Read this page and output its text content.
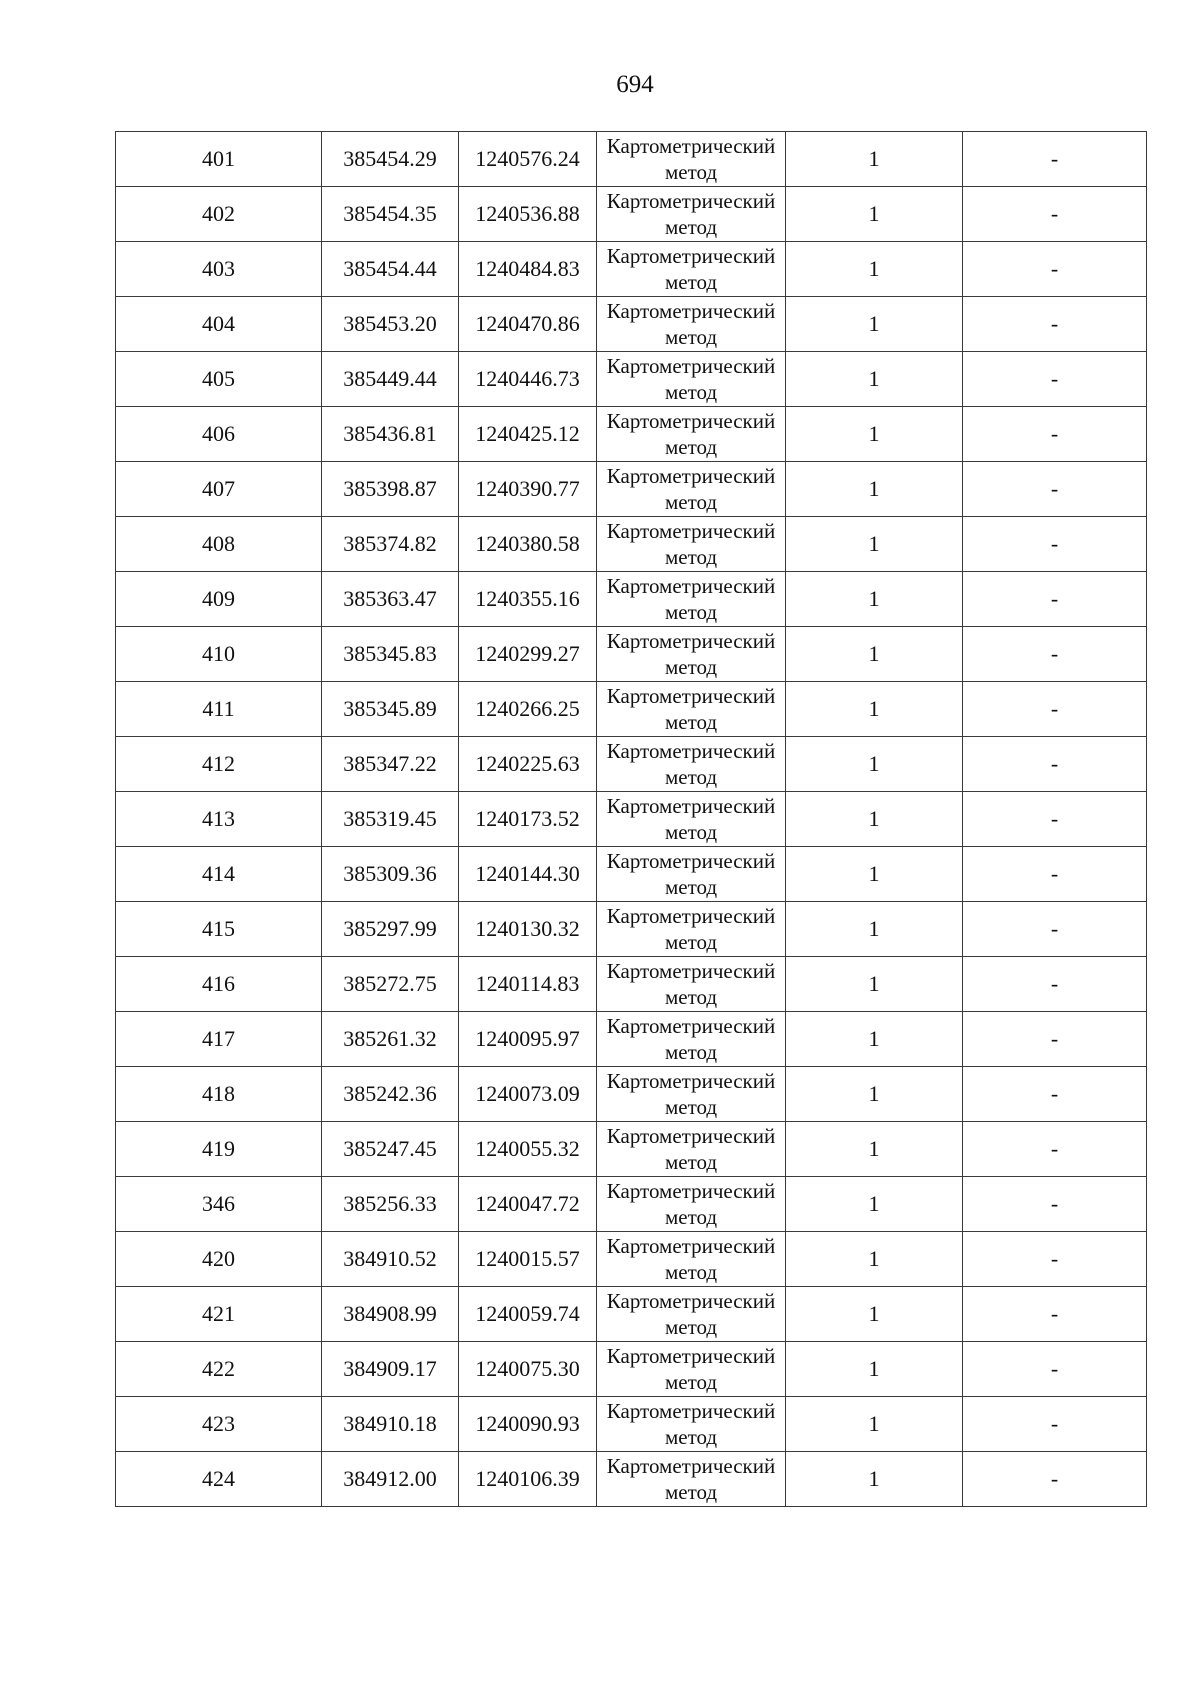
694
401	385454.29	1240576.24	Картометрический метод	1	-
402	385454.35	1240536.88	Картометрический метод	1	-
403	385454.44	1240484.83	Картометрический метод	1	-
404	385453.20	1240470.86	Картометрический метод	1	-
405	385449.44	1240446.73	Картометрический метод	1	-
406	385436.81	1240425.12	Картометрический метод	1	-
407	385398.87	1240390.77	Картометрический метод	1	-
408	385374.82	1240380.58	Картометрический метод	1	-
409	385363.47	1240355.16	Картометрический метод	1	-
410	385345.83	1240299.27	Картометрический метод	1	-
411	385345.89	1240266.25	Картометрический метод	1	-
412	385347.22	1240225.63	Картометрический метод	1	-
413	385319.45	1240173.52	Картометрический метод	1	-
414	385309.36	1240144.30	Картометрический метод	1	-
415	385297.99	1240130.32	Картометрический метод	1	-
416	385272.75	1240114.83	Картометрический метод	1	-
417	385261.32	1240095.97	Картометрический метод	1	-
418	385242.36	1240073.09	Картометрический метод	1	-
419	385247.45	1240055.32	Картометрический метод	1	-
346	385256.33	1240047.72	Картометрический метод	1	-
420	384910.52	1240015.57	Картометрический метод	1	-
421	384908.99	1240059.74	Картометрический метод	1	-
422	384909.17	1240075.30	Картометрический метод	1	-
423	384910.18	1240090.93	Картометрический метод	1	-
424	384912.00	1240106.39	Картометрический метод	1	-
